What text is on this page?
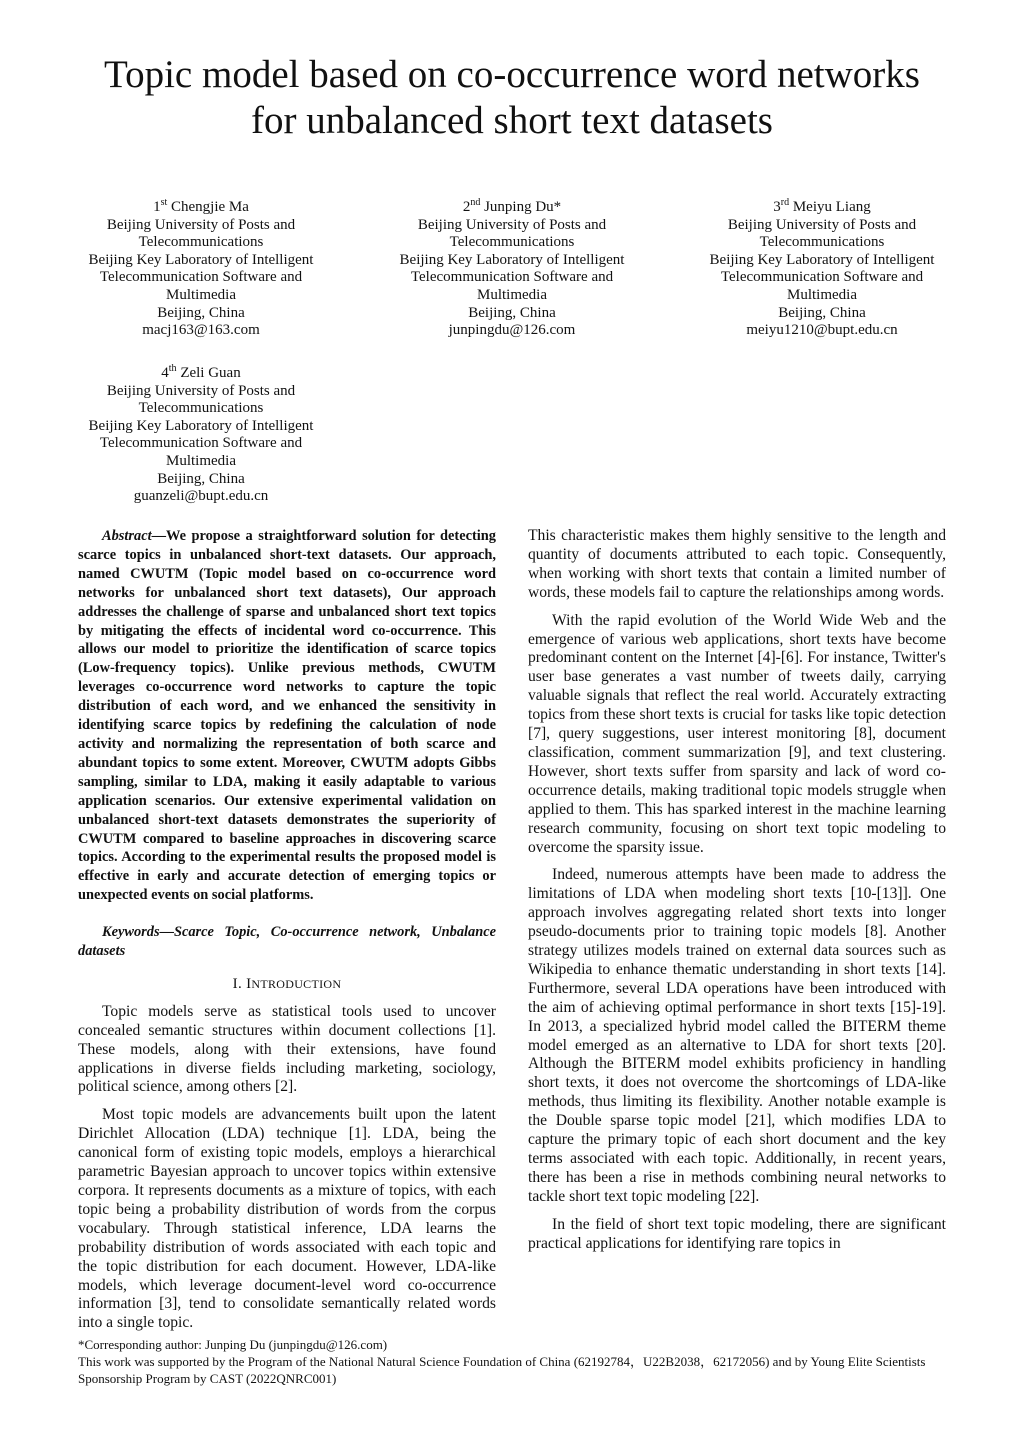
Topic model based on co-occurrence word networks
for unbalanced short text datasets
1st Chengjie Ma
Beijing University of Posts and
Telecommunications
Beijing Key Laboratory of Intelligent
Telecommunication Software and
Multimedia
Beijing, China
macj163@163.com
2nd Junping Du*
Beijing University of Posts and
Telecommunications
Beijing Key Laboratory of Intelligent
Telecommunication Software and
Multimedia
Beijing, China
junpingdu@126.com
3rd Meiyu Liang
Beijing University of Posts and
Telecommunications
Beijing Key Laboratory of Intelligent
Telecommunication Software and
Multimedia
Beijing, China
meiyu1210@bupt.edu.cn
4th Zeli Guan
Beijing University of Posts and
Telecommunications
Beijing Key Laboratory of Intelligent
Telecommunication Software and
Multimedia
Beijing, China
guanzeli@bupt.edu.cn

Abstract—We propose a straightforward solution for detecting scarce topics in unbalanced short-text datasets. Our approach, named CWUTM (Topic model based on co-occurrence word networks for unbalanced short text datasets), Our approach addresses the challenge of sparse and unbalanced short text topics by mitigating the effects of incidental word co-occurrence. This allows our model to prioritize the identification of scarce topics (Low-frequency topics). Unlike previous methods, CWUTM leverages co-occurrence word networks to capture the topic distribution of each word, and we enhanced the sensitivity in identifying scarce topics by redefining the calculation of node activity and normalizing the representation of both scarce and abundant topics to some extent. Moreover, CWUTM adopts Gibbs sampling, similar to LDA, making it easily adaptable to various application scenarios. Our extensive experimental validation on unbalanced short-text datasets demonstrates the superiority of CWUTM compared to baseline approaches in discovering scarce topics. According to the experimental results the proposed model is effective in early and accurate detection of emerging topics or unexpected events on social platforms.

Keywords—Scarce Topic, Co-occurrence network, Unbalance datasets

I. INTRODUCTION

Topic models serve as statistical tools used to uncover concealed semantic structures within document collections [1]. These models, along with their extensions, have found applications in diverse fields including marketing, sociology, political science, among others [2].

Most topic models are advancements built upon the latent Dirichlet Allocation (LDA) technique [1]. LDA, being the canonical form of existing topic models, employs a hierarchical parametric Bayesian approach to uncover topics within extensive corpora. It represents documents as a mixture of topics, with each topic being a probability distribution of words from the corpus vocabulary. Through statistical inference, LDA learns the probability distribution of words associated with each topic and the topic distribution for each document. However, LDA-like models, which leverage document-level word co-occurrence information [3], tend to consolidate semantically related words into a single topic.

This characteristic makes them highly sensitive to the length and quantity of documents attributed to each topic. Consequently, when working with short texts that contain a limited number of words, these models fail to capture the relationships among words.

With the rapid evolution of the World Wide Web and the emergence of various web applications, short texts have become predominant content on the Internet [4]-[6]. For instance, Twitter's user base generates a vast number of tweets daily, carrying valuable signals that reflect the real world. Accurately extracting topics from these short texts is crucial for tasks like topic detection [7], query suggestions, user interest monitoring [8], document classification, comment summarization [9], and text clustering. However, short texts suffer from sparsity and lack of word co-occurrence details, making traditional topic models struggle when applied to them. This has sparked interest in the machine learning research community, focusing on short text topic modeling to overcome the sparsity issue.

Indeed, numerous attempts have been made to address the limitations of LDA when modeling short texts [10-[13]]. One approach involves aggregating related short texts into longer pseudo-documents prior to training topic models [8]. Another strategy utilizes models trained on external data sources such as Wikipedia to enhance thematic understanding in short texts [14]. Furthermore, several LDA operations have been introduced with the aim of achieving optimal performance in short texts [15]-19]. In 2013, a specialized hybrid model called the BITERM theme model emerged as an alternative to LDA for short texts [20]. Although the BITERM model exhibits proficiency in handling short texts, it does not overcome the shortcomings of LDA-like methods, thus limiting its flexibility. Another notable example is the Double sparse topic model [21], which modifies LDA to capture the primary topic of each short document and the key terms associated with each topic. Additionally, in recent years, there has been a rise in methods combining neural networks to tackle short text topic modeling [22].

In the field of short text topic modeling, there are significant practical applications for identifying rare topics in

*Corresponding author: Junping Du (junpingdu@126.com)
This work was supported by the Program of the National Natural Science Foundation of China (62192784，U22B2038，62172056) and by Young Elite Scientists Sponsorship Program by CAST (2022QNRC001)
